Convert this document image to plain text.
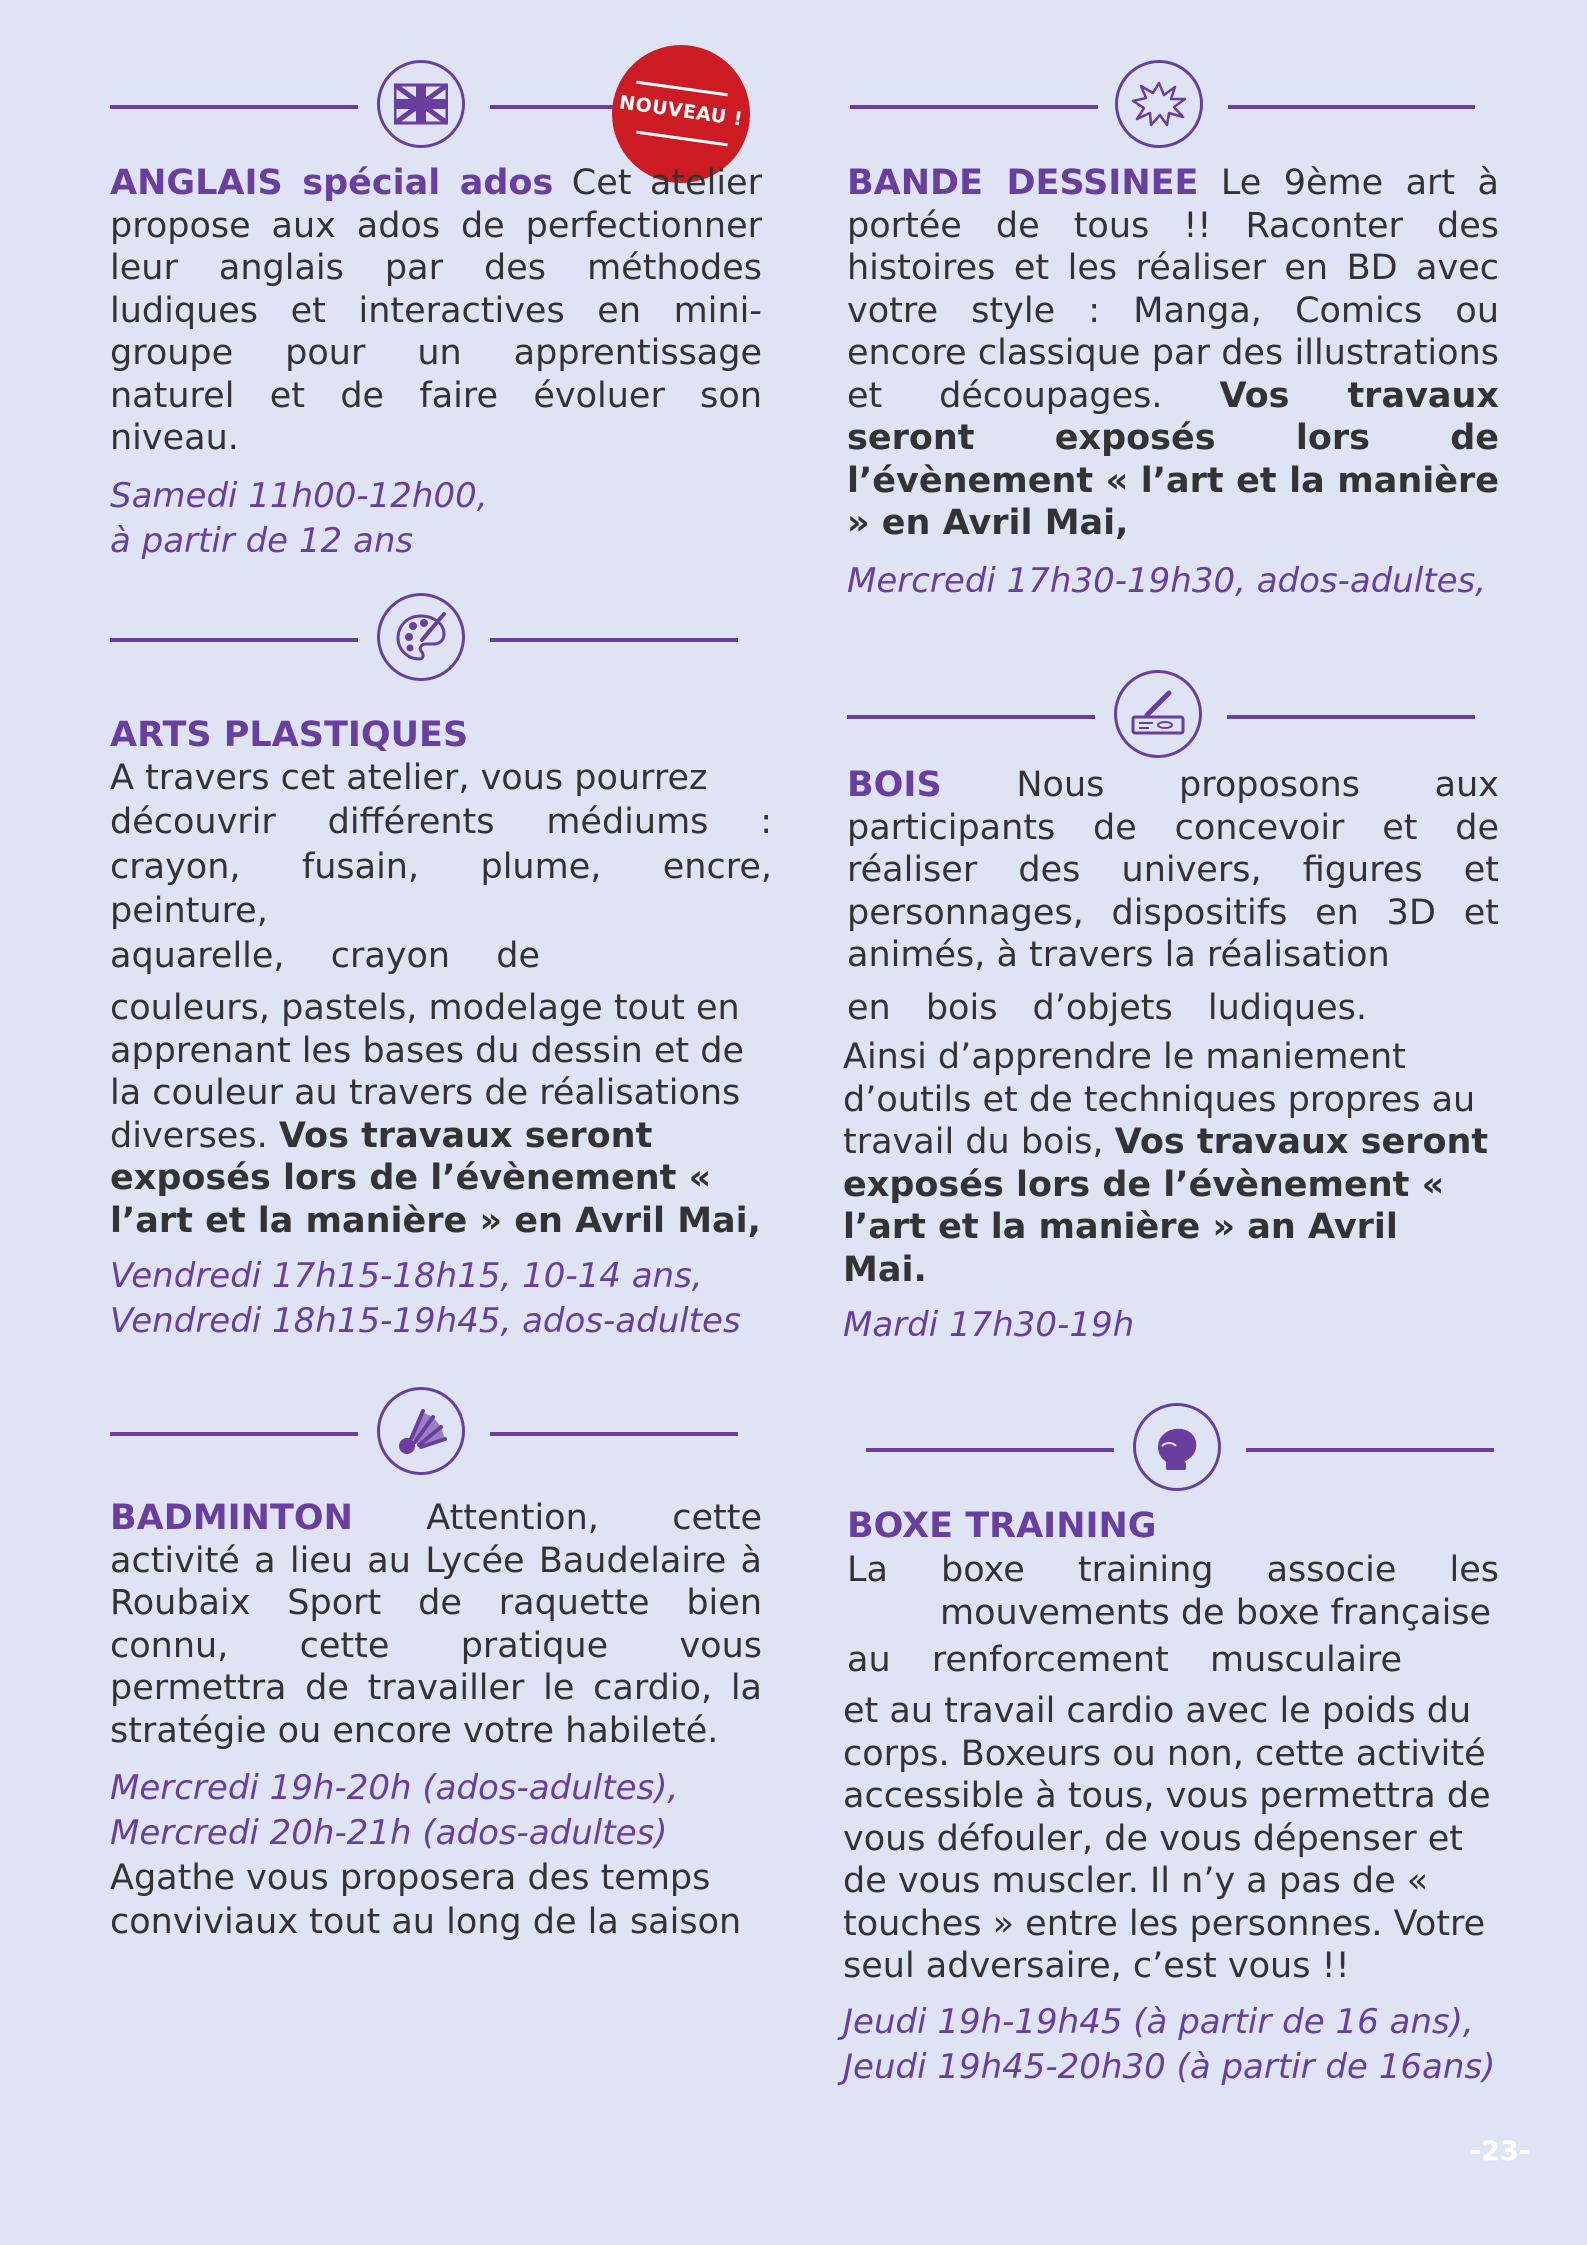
NOUVEAU !

ANGLAIS spécial ados Cet atelier propose aux ados de perfectionner leur anglais par des méthodes ludiques et interactives en mini-groupe pour un apprentissage naturel et de faire évoluer son niveau.

Samedi 11h00-12h00,

à partir de 12 ans

BANDE DESSINEE Le 9ème art à portée de tous !! Raconter des histoires et les réaliser en BD avec votre style : Manga, Comics ou encore classique par des illustrations et découpages. Vos travaux seront exposés lors de l’évènement « l’art et la manière » en Avril Mai,

Mercredi 17h30-19h30, ados-adultes,

ARTS PLASTIQUES

A travers cet atelier, vous pourrez

découvrir différents médiums :

crayon, fusain, plume, encre, peinture,

aquarelle, crayon de

couleurs, pastels, modelage tout en apprenant les bases du dessin et de la couleur au travers de réalisations diverses. Vos travaux seront exposés lors de l’évènement « l’art et la manière » en Avril Mai,

Vendredi 17h15-18h15, 10-14 ans,

Vendredi 18h15-19h45, ados-adultes

BOIS Nous proposons aux participants de concevoir et de réaliser des univers, figures et personnages, dispositifs en 3D et animés, à travers la réalisation

en bois d’objets ludiques.

Ainsi d’apprendre le maniement d’outils et de techniques propres au travail du bois, Vos travaux seront exposés lors de l’évènement « l’art et la manière » an Avril Mai.

Mardi 17h30-19h

BADMINTON Attention, cette activité a lieu au Lycée Baudelaire à Roubaix Sport de raquette bien connu, cette pratique vous permettra de travailler le cardio, la stratégie ou encore votre habileté.

Mercredi 19h-20h (ados-adultes),

Mercredi 20h-21h (ados-adultes)

Agathe vous proposera des temps conviviaux tout au long de la saison

BOXE TRAINING

La boxe training associe les

mouvements de boxe française

au renforcement musculaire

et au travail cardio avec le poids du corps. Boxeurs ou non, cette activité accessible à tous, vous permettra de vous défouler, de vous dépenser et de vous muscler. Il n’y a pas de « touches » entre les personnes. Votre seul adversaire, c’est vous !!

Jeudi 19h-19h45 (à partir de 16 ans),

Jeudi 19h45-20h30 (à partir de 16ans)

-23-
